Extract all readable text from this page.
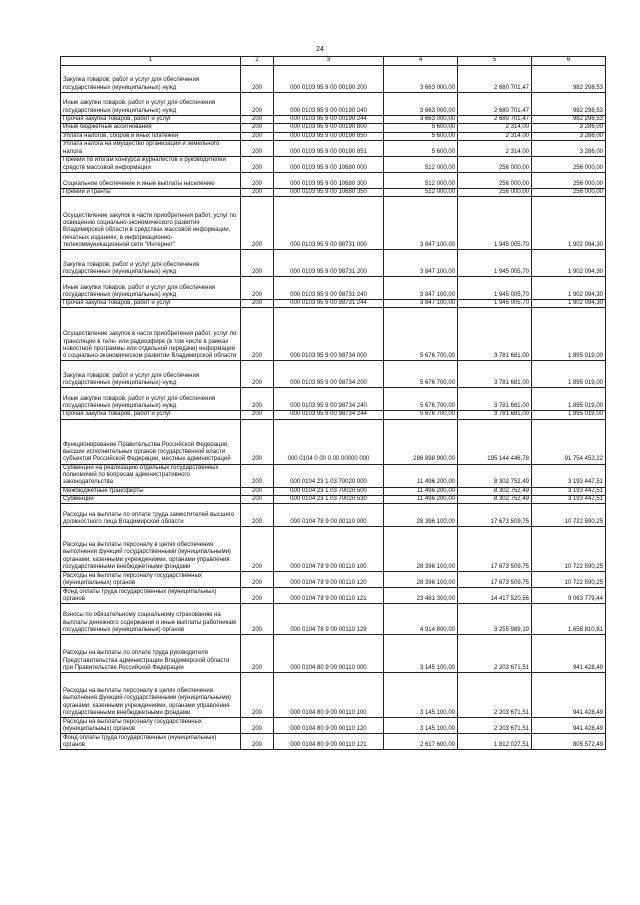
24
1	2	3	4	5	6
Закупка товаров, работ и услуг для обеспечения государственных (муниципальных) нужд	200	000 0103 95 9 00 00190 200	3 663 000,00	2 680 701,47	982 298,53
Иные закупки товаров, работ и услуг для обеспечения государственных (муниципальных) нужд	200	000 0103 95 9 00 00190 240	3 663 000,00	2 680 701,47	982 298,53
Прочая закупка товаров, работ и услуг	200	000 0103 95 9 00 00190 244	3 663 000,00	2 680 701,47	982 298,53
Иные бюджетные ассигнования	200	000 0103 95 9 00 00190 800	5 600,00	2 314,00	3 286,00
Уплата налогов, сборов и иных платежей	200	000 0103 95 9 00 00190 850	5 600,00	2 314,00	3 286,00
Уплата налога на имущество организаций и земельного налога	200	000 0103 95 9 00 00190 851	5 600,00	2 314,00	3 286,00
Премии по итогам конкурса журналистов и руководителей средств массовой информации	200	000 0103 95 9 00 10680 000	512 000,00	256 000,00	256 000,00
Социальное обеспечение и иные выплаты населению	200	000 0103 95 9 00 10680 300	512 000,00	256 000,00	256 000,00
Премии и гранты	200	000 0103 95 9 00 10680 350	512 000,00	256 000,00	256 000,00
Осуществление закупок в части приобретения работ, услуг по освещению социально-экономического развития Владимирской области в средствах массовой информации, печатных изданиях, в информационно-телекоммуникационной сети "Интернет"	200	000 0103 95 9 00 98731 000	3 847 100,00	1 945 005,70	1 902 094,30
Закупка товаров, работ и услуг для обеспечения государственных (муниципальных) нужд	200	000 0103 95 9 00 98731 200	3 847 100,00	1 945 005,70	1 902 094,30
Иные закупки товаров, работ и услуг для обеспечения государственных (муниципальных) нужд	200	000 0103 95 9 00 98731 240	3 847 100,00	1 945 005,70	1 902 094,30
Прочая закупка товаров, работ и услуг	200	000 0103 95 9 00 98731 244	3 847 100,00	1 945 005,70	1 902 094,30
Осуществление закупок в части приобретения работ, услуг по трансляции в теле- или радиоэфире (в том числе в рамках новостной программы или отдельной передачи) информации о социально-экономическом развитии Владимирской области	200	000 0103 95 9 00 98734 000	5 676 700,00	3 781 681,00	1 895 019,00
Закупка товаров, работ и услуг для обеспечения государственных (муниципальных) нужд	200	000 0103 95 9 00 98734 200	5 676 700,00	3 781 681,00	1 895 019,00
Иные закупки товаров, работ и услуг для обеспечения государственных (муниципальных) нужд	200	000 0103 95 9 00 98734 240	5 676 700,00	3 781 681,00	1 895 019,00
Прочая закупка товаров, работ и услуг	200	000 0103 95 9 00 98734 244	5 676 700,00	3 781 681,00	1 895 019,00
Функционирование Правительства Российской Федерации, высших исполнительных органов государственной власти субъектов Российской Федерации, местных администраций	200	000 0104 0 00 0 00 00000 000	286 898 900,00	195 144 446,78	91 754 453,22
Субвенции на реализацию отдельных государственных полномочий по вопросам административного законодательства	200	000 0104 23 1 03 70020 000	11 496 200,00	8 302 752,49	3 193 447,51
Межбюджетные трансферты	200	000 0104 23 1 03 70020 500	11 496 200,00	8 302 752,49	3 193 447,51
Субвенции	200	000 0104 23 1 03 70020 530	11 496 200,00	8 302 752,49	3 193 447,51
Расходы на выплаты по оплате труда заместителей высшего должностного лица Владимирской области	200	000 0104 78 9 00 00110 000	28 396 100,00	17 673 509,75	10 722 590,25
Расходы на выплаты персоналу в целях обеспечения выполнения функций государственными (муниципальными) органами, казенными учреждениями, органами управления государственными внебюджетными фондами	200	000 0104 78 9 00 00110 100	28 396 100,00	17 673 509,75	10 722 590,25
Расходы на выплаты персоналу государственных (муниципальных) органов	200	000 0104 78 9 00 00110 120	28 396 100,00	17 673 509,75	10 722 590,25
Фонд оплаты труда государственных (муниципальных) органов	200	000 0104 78 9 00 00110 121	23 481 300,00	14 417 520,56	9 063 779,44
Взносы по обязательному социальному страхованию на выплаты денежного содержания и иные выплаты работникам государственных (муниципальных) органов	200	000 0104 78 9 00 00110 129	4 914 800,00	3 255 989,19	1 658 810,81
Расходы на выплаты по оплате труда руководителя Представительства администрации Владимирской области при Правительстве Российской Федерации	200	000 0104 80 9 00 00110 000	3 145 100,00	2 203 671,51	941 428,49
Расходы на выплаты персоналу в целях обеспечения выполнения функций государственными (муниципальными) органами, казенными учреждениями, органами управления государственными внебюджетными фондами	200	000 0104 80 9 00 00110 100	3 145 100,00	2 203 671,51	941 428,49
Расходы на выплаты персоналу государственных (муниципальных) органов	200	000 0104 80 9 00 00110 120	3 145 100,00	2 203 671,51	941 428,49
Фонд оплаты труда государственных (муниципальных) органов	200	000 0104 80 9 00 00110 121	2 617 600,00	1 812 027,51	805 572,49
